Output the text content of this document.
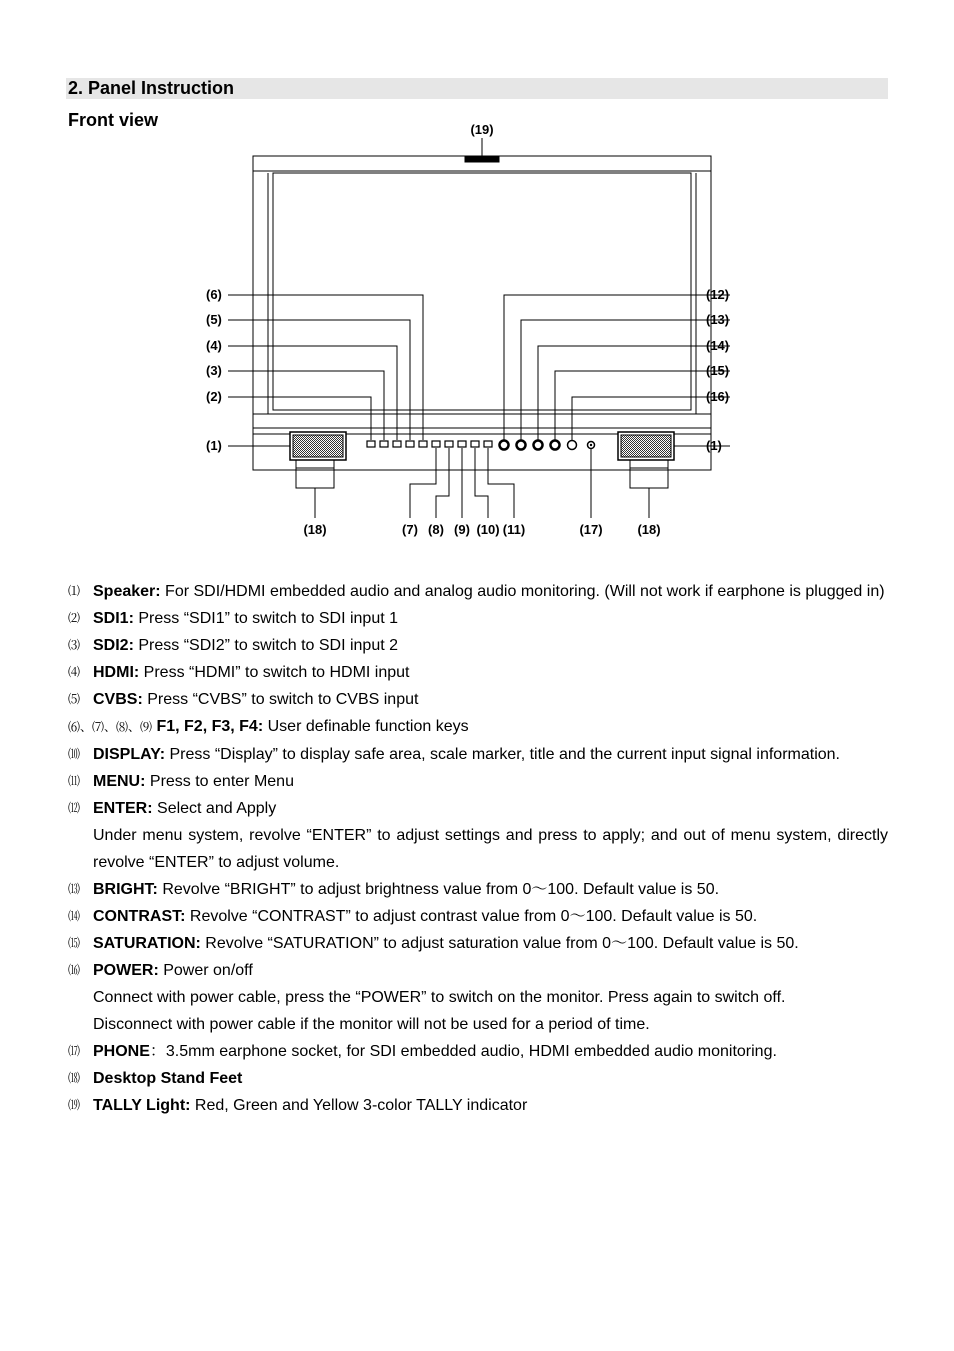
2. Panel Instruction
Front view	(19)
(6)
(5)
(4)
(3)
(2)
(1)
(12)
(13)
(14)
(15)
(16)
(1)
(18)	(7) (8) (9) (10) (11)	(17)	(18)
⑴ Speaker: For SDI/HDMI embedded audio and analog audio monitoring. (Will not work if earphone is plugged in)
⑵ SDI1: Press “SDI1” to switch to SDI input 1
⑶ SDI2: Press “SDI2” to switch to SDI input 2
⑷ HDMI: Press “HDMI” to switch to HDMI input
⑸ CVBS: Press “CVBS” to switch to CVBS input
⑹、⑺、⑻、⑼ F1, F2, F3, F4: User definable function keys
⑽ DISPLAY: Press “Display” to display safe area, scale marker, title and the current input signal information.
⑾ MENU: Press to enter Menu
⑿ ENTER: Select and Apply
Under menu system, revolve “ENTER” to adjust settings and press to apply; and out of menu system, directly revolve “ENTER” to adjust volume.
⒀ BRIGHT: Revolve “BRIGHT” to adjust brightness value from 0～100. Default value is 50.
⒁ CONTRAST: Revolve “CONTRAST” to adjust contrast value from 0～100. Default value is 50.
⒂ SATURATION: Revolve “SATURATION” to adjust saturation value from 0～100. Default value is 50.
⒃ POWER: Power on/off
Connect with power cable, press the “POWER” to switch on the monitor. Press again to switch off.
Disconnect with power cable if the monitor will not be used for a period of time.
⒄ PHONE：3.5mm earphone socket, for SDI embedded audio, HDMI embedded audio monitoring.
⒅ Desktop Stand Feet
⒆ TALLY Light: Red, Green and Yellow 3-color TALLY indicator
